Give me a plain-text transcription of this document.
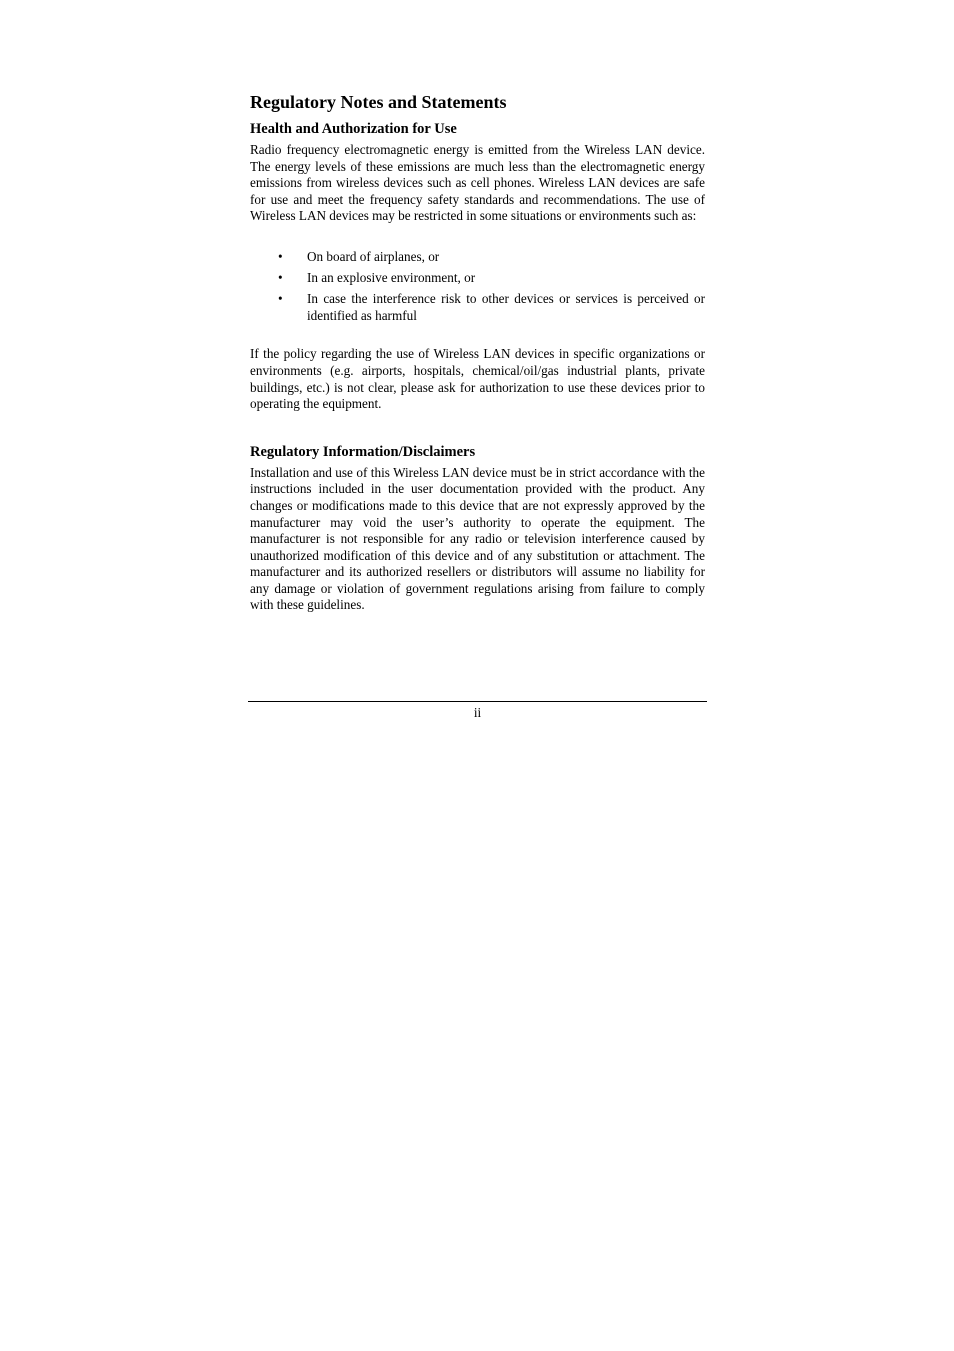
Regulatory Notes and Statements
Health and Authorization for Use

Radio frequency electromagnetic energy is emitted from the Wireless LAN device. The energy levels of these emissions are much less than the electromagnetic energy emissions from wireless devices such as cell phones. Wireless LAN devices are safe for use and meet the frequency safety standards and recommendations. The use of Wireless LAN devices may be restricted in some situations or environments such as:

• On board of airplanes, or
• In an explosive environment, or
• In case the interference risk to other devices or services is perceived or identified as harmful

If the policy regarding the use of Wireless LAN devices in specific organizations or environments (e.g. airports, hospitals, chemical/oil/gas industrial plants, private buildings, etc.) is not clear, please ask for authorization to use these devices prior to operating the equipment.

Regulatory Information/Disclaimers

Installation and use of this Wireless LAN device must be in strict accordance with the instructions included in the user documentation provided with the product. Any changes or modifications made to this device that are not expressly approved by the manufacturer may void the user’s authority to operate the equipment. The manufacturer is not responsible for any radio or television interference caused by unauthorized modification of this device and of any substitution or attachment. The manufacturer and its authorized resellers or distributors will assume no liability for any damage or violation of government regulations arising from failure to comply with these guidelines.

ii
